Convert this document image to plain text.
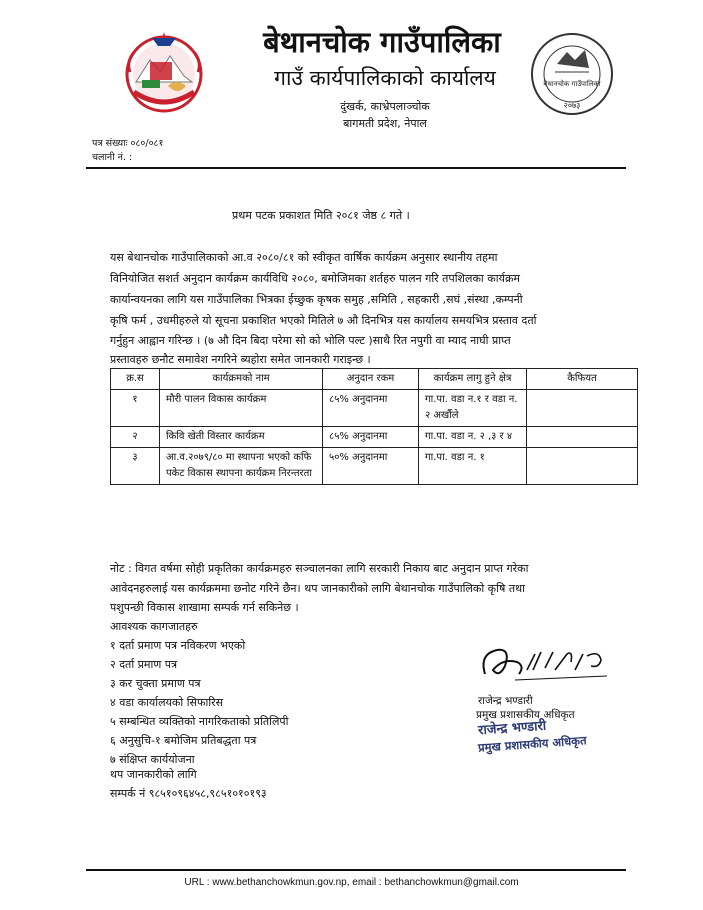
बेथानचोक गाउँपालिका
गाउँ कार्यपालिकाको कार्यालय
दुंखर्क, काभ्रेपलाञ्चोक
बागमती प्रदेश, नेपाल
बेथानचोक गाउँपालिका
२०७३
पत्र संख्याः ०८०/०८१
चलानी नं. :
प्रथम पटक प्रकाशत मिति २०८१ जेष्ठ ८ गते ।
यस बेथानचोक गाउँपालिकाको आ.व २०८०/८१ को स्वीकृत वार्षिक कार्यक्रम अनुसार स्थानीय तहमा
विनियोजित सशर्त अनुदान कार्यक्रम कार्यविधि २०८०, बमोजिमका शर्तहरु पालन गरि तपशिलका कार्यक्रम
कार्यान्वयनका लागि यस गाउँपालिका भित्रका ईच्छुक कृषक समुह ,समिति , सहकारी ,सघं ,संस्था ,कम्पनी
कृषि फर्म , उधमीहरुले यो सूचना प्रकाशित भएको मितिले ७ औ दिनभित्र यस कार्यालय समयभित्र प्रस्ताव दर्ता
गर्नुहुन आह्वान गरिन्छ । (७ औ दिन बिदा परेमा सो को भोलि पल्ट )साथै रित नपुगी वा म्याद नाघी प्राप्त
प्रस्तावहरु छनौट समावेश नगरिने ब्यहोरा समेत जानकारी गराइन्छ ।
क्र.स	कार्यक्रमको नाम	अनुदान रकम	कार्यक्रम लागु हुने क्षेत्र	कैफियत
१	मौरी पालन विकास कार्यक्रम	८५% अनुदानमा	गा.पा. वडा न.१ र वडा न. २ अर्खौले	
२	किवि खेती विस्तार कार्यक्रम	८५% अनुदानमा	गा.पा. वडा न. २ ,३ र ४	
३	आ.व.२०७९/८० मा स्थापना भएको कफि पकेट विकास स्थापना कार्यक्रम निरन्तरता	५०% अनुदानमा	गा.पा. वडा न. १	
नोट : विगत वर्षमा सोही प्रकृतिका कार्यक्रमहरु सञ्चालनका लागि सरकारी निकाय बाट अनुदान प्राप्त गरेका
आवेदनहरुलाई यस कार्यक्रममा छनोट गरिने छैन। थप जानकारीको लागि बेथानचोक गाउँपालिको कृषि तथा
पशुपन्छी विकास शाखामा सम्पर्क गर्न सकिनेछ ।
आवश्यक कागजातहरु
१ दर्ता प्रमाण पत्र नविकरण भएको
२ दर्ता प्रमाण पत्र
३ कर चुक्ता प्रमाण पत्र
४ वडा कार्यालयको सिफारिस
५ सम्बन्धित व्यक्तिको नागरिकताको प्रतिलिपी
६ अनुसुचि-१ बमोजिम प्रतिबद्धता पत्र
७ संक्षिप्त कार्ययोजना
थप जानकारीको लागि
सम्पर्क नं ९८५१०९६४५८,९८५१०१०१९३
राजेन्द्र भण्डारी
प्रमुख प्रशासकीय अधिकृत
राजेन्द्र भण्डारी
प्रमुख प्रशासकीय अधिकृत
URL : www.bethanchowkmun.gov.np, email : bethanchowkmun@gmail.com
